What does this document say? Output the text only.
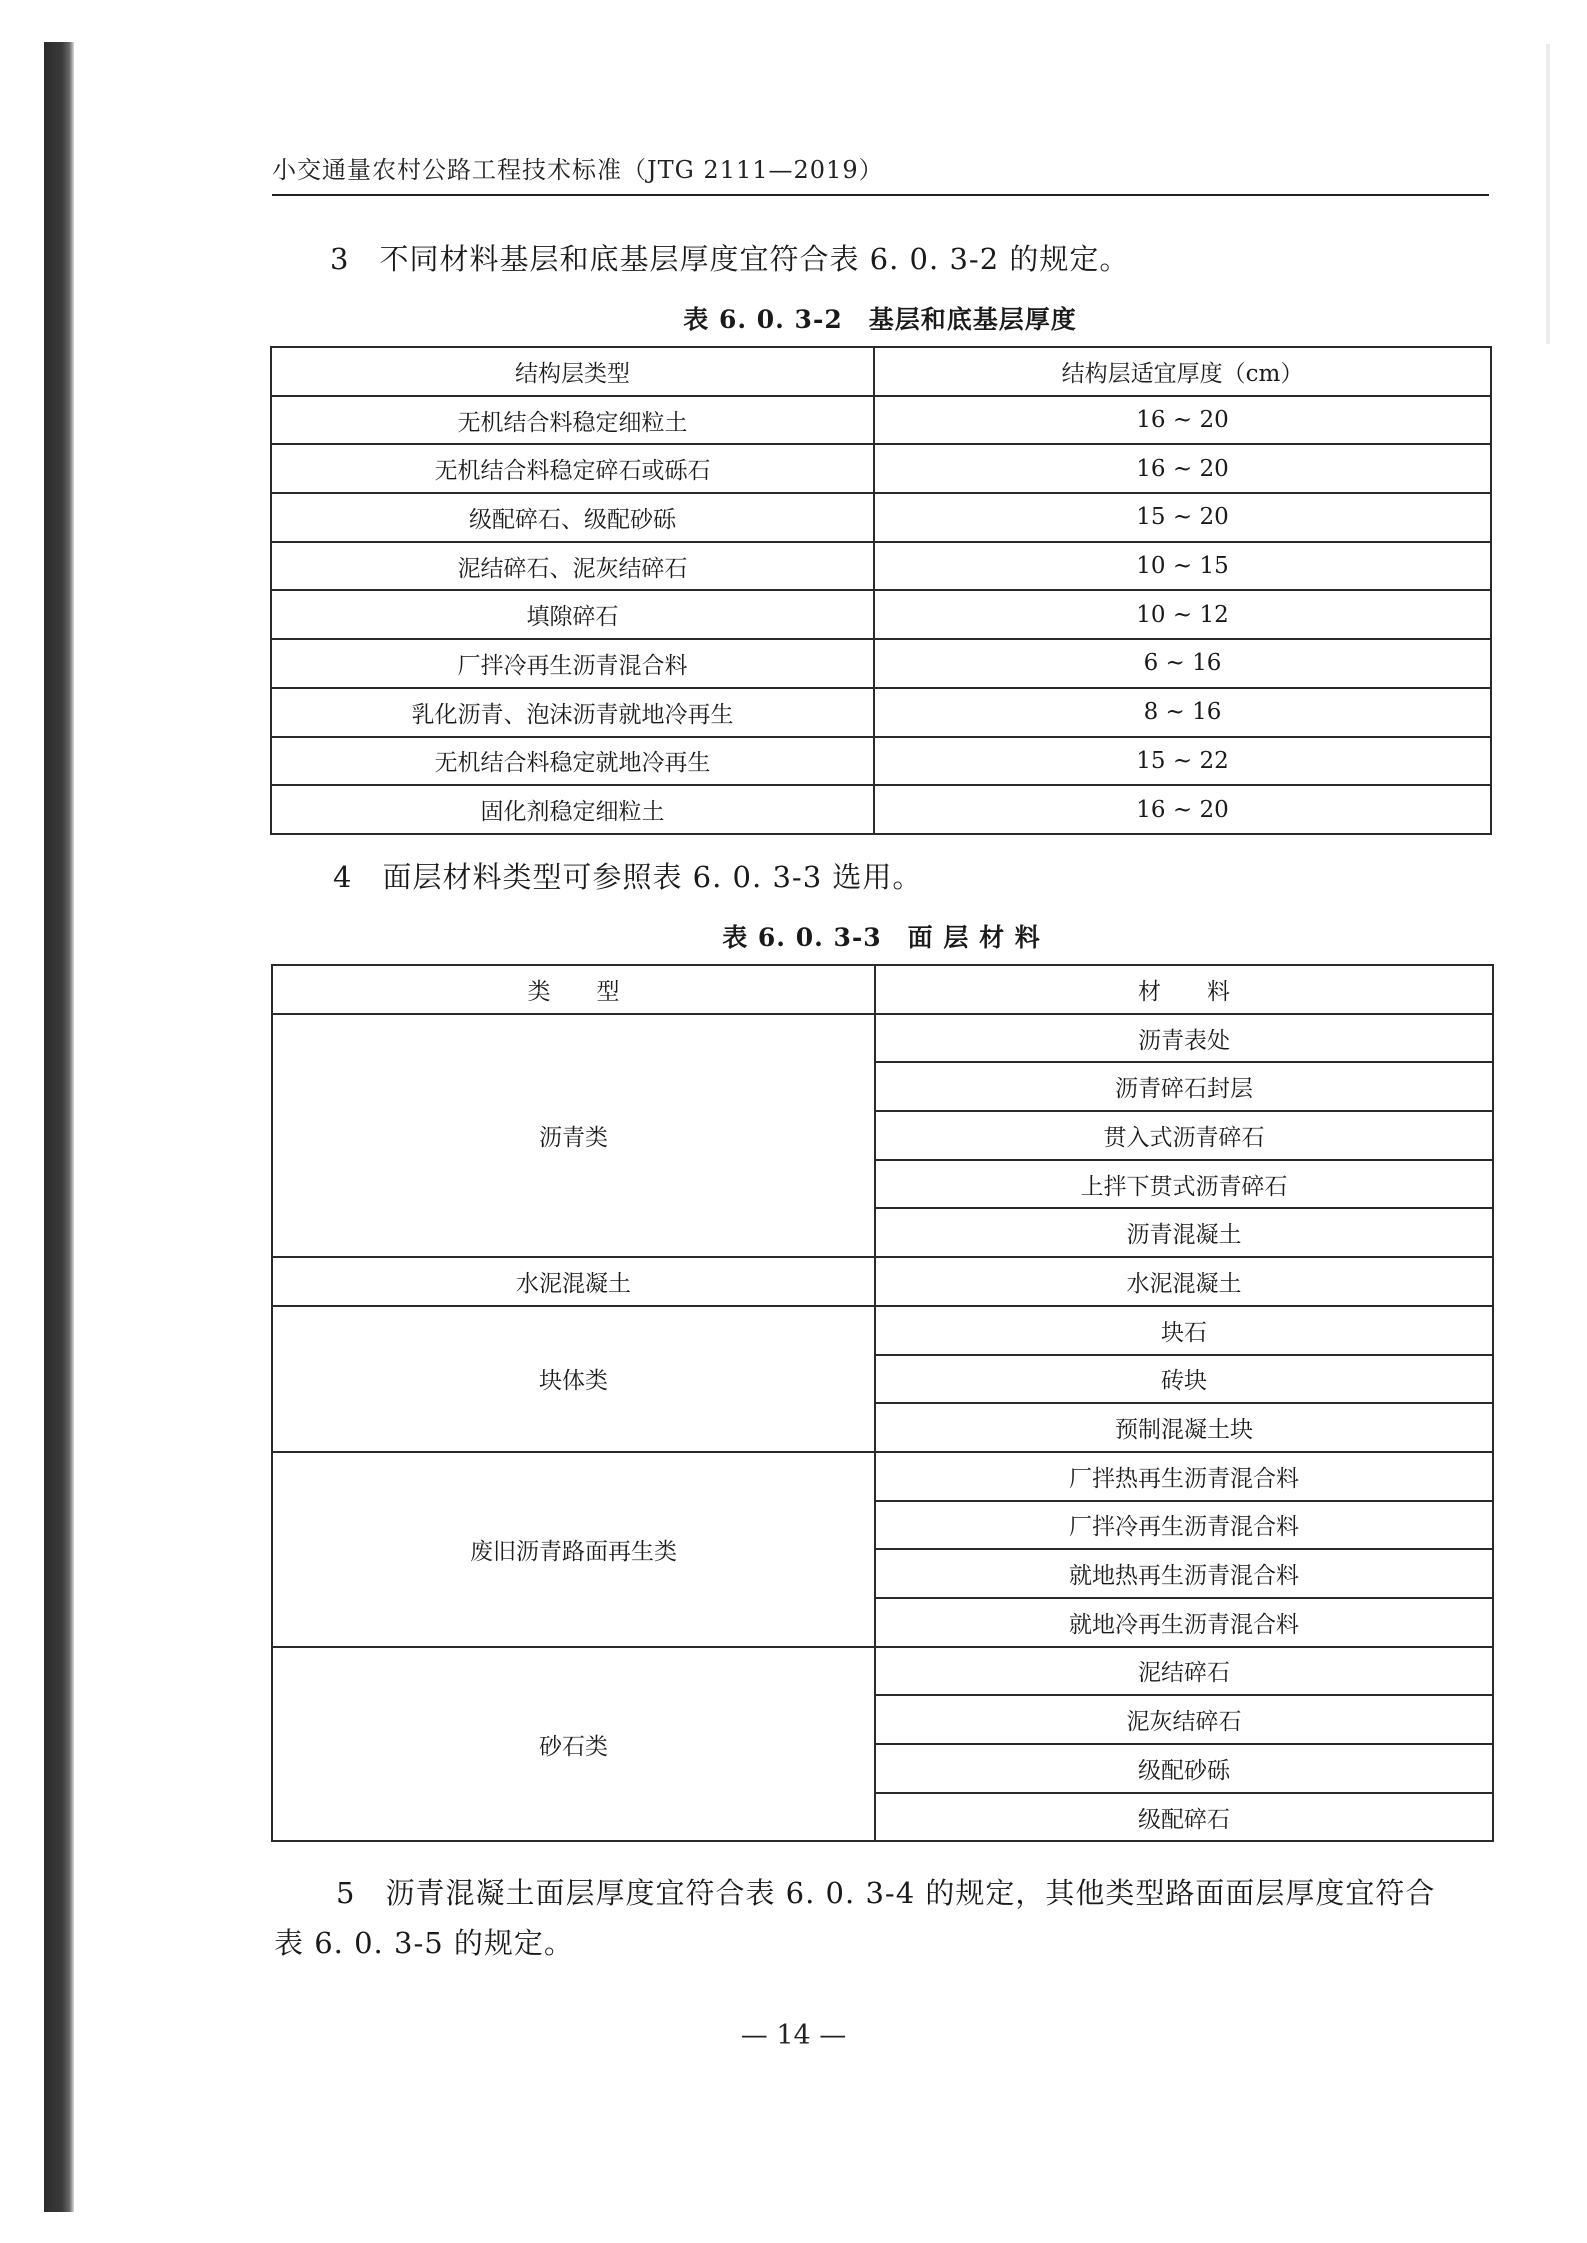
小交通量农村公路工程技术标准（JTG 2111—2019）
3　不同材料基层和底基层厚度宜符合表 6. 0. 3-2 的规定。
表 6. 0. 3-2　基层和底基层厚度
结构层类型	结构层适宜厚度（cm）
无机结合料稳定细粒土	16 ~ 20
无机结合料稳定碎石或砾石	16 ~ 20
级配碎石、级配砂砾	15 ~ 20
泥结碎石、泥灰结碎石	10 ~ 15
填隙碎石	10 ~ 12
厂拌冷再生沥青混合料	6 ~ 16
乳化沥青、泡沫沥青就地冷再生	8 ~ 16
无机结合料稳定就地冷再生	15 ~ 22
固化剂稳定细粒土	16 ~ 20
4　面层材料类型可参照表 6. 0. 3-3 选用。
表 6. 0. 3-3　面 层 材 料
类　　型	材　　料
沥青类	沥青表处
	沥青碎石封层
	贯入式沥青碎石
	上拌下贯式沥青碎石
	沥青混凝土
水泥混凝土	水泥混凝土
块体类	块石
	砖块
	预制混凝土块
废旧沥青路面再生类	厂拌热再生沥青混合料
	厂拌冷再生沥青混合料
	就地热再生沥青混合料
	就地冷再生沥青混合料
砂石类	泥结碎石
	泥灰结碎石
	级配砂砾
	级配碎石
5　沥青混凝土面层厚度宜符合表 6. 0. 3-4 的规定，其他类型路面面层厚度宜符合
表 6. 0. 3-5 的规定。
— 14 —
